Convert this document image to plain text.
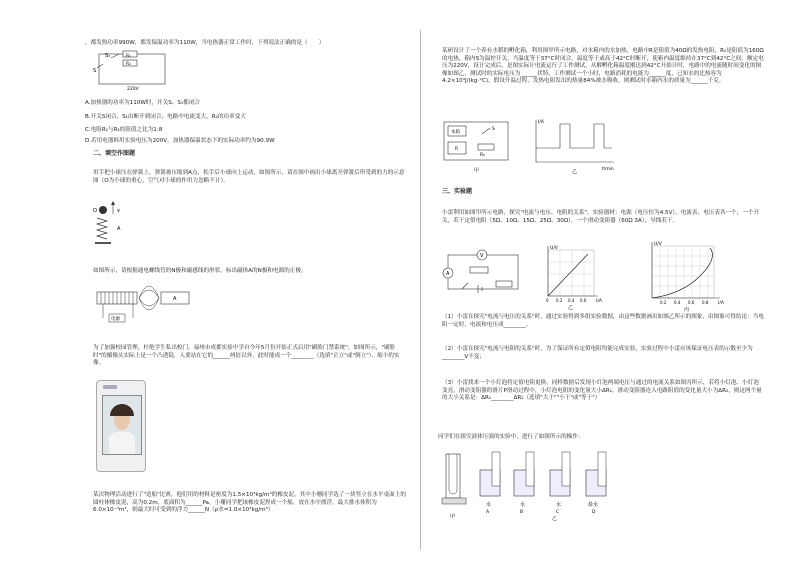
，都发热功率990W，都发保温功率为110W，当电热器正常工作时，下列说法正确的是（　　）

S₁
S
R₁
R₂
220V

A.加热器的功率为110W时，开关S、S₁都闭合

B.开关S闭合，S₁由断开到闭合，电路中电流变大，R₂的功率变大

C.电阻R₁与R₂的阻值之比为1:8

D.若用电器料用实验电压为200V，加热器保温状态下的实际功率约为90.9W

二、填空作图题

用手把小球压在弹簧上，弹簧被压缩到A点，松手后小球向上运动，如图所示，请在图中画出小球离开弹簧后所受到的力的示意图（O为小球的重心，空气对小球的作用力忽略不计）。

O	v
A

如图所示，请根据通电螺线管的N极和磁感线的形状，标出磁体A的N极和电源的正极。

A
电源

为了加强校园管理，杜绝学生私出校门，福州市成都实验中学自今年5月份开始正式启用"刷脸门禁系统"。如图所示，"刷脸时"的摄像头实际上是一个凸透镜，人要站在它的______两倍以外，此时能成一个________（选填"正立"或"倒立"）、缩小的实像。

某次物理活动进行了"造船"比赛，他们用的材料是密度为1.5×10³kg/m³的橡皮泥，其中小珊同学选了一块竖立在水平桌面上的圆柱体橡皮泥，高为0.2m，底面积为______Pa，小珊同学把该橡皮泥捏成一个船，放在水中漂浮，最大排水体积为6.0×10⁻⁴m³，则最大时可受到的浮力______N（ρ水=1.0×10³kg/m³）

某研设计了一个养有水稻的孵化箱，利用图甲所示电路，对水箱内的水加热，电路中R是阻值为40Ω的发热电阻，R₀是阻值为160Ω的电热，箱内S为温控开关，当温度等于37°C时闭合，温度等于或高于42°C时断开，使箱内温度维持在37°C到42°C之间；额定电压为220V，设计完成后，是图实际计电流运行了工作测试，从解孵化箱温度刚达到42°C开始计时，电路中的电流随时间变化的图像如图乙，测试时的实际电压为______伏特，工作测试一个小时，电路消耗的电能为______度，已知水的比热容为4.2×10³J/(kg·°C)，假设升温过程，发热电阻发出的热量84%被水吸收，则测试时水箱内水的质量为______千克。

本箱
R
S
R₀
甲
I/A
t/min
乙

三、实验题

小雷利用如图甲所示电路，探究"电流与电压、电阻的关系"，实验器材：电源（电压恒为4.5V）、电流表、电压表各一个，一个开关，若干定值电阻（5Ω、10Ω、15Ω、25Ω、30Ω），一个滑动变阻器（60Ω 3A），导线若干。

V
A
U/V
I/A
0 0.2 0.4 0.6
乙
U/V
I/A
0.2 0.4 0.6 0.8
丙

（1）小雷在探究"电流与电压的关系"时，通过实验得到多组实验数据，由这些数据画出如图乙所示的图象，由图象可得结论：当电阻一定时，电流和电压成________。

（2）小雷在探究"电流与电阻的关系"时，为了保证所有定值电阻均能完成实验，实验过程中小雷应该保证电压表的示数至少为________V不变；

（3）小雷找来一个小灯泡将定值电阻更换，同样数据后发现小灯泡两端电压与通过的电流关系如图丙所示，若将小灯泡、小灯泡变亮，滑动变阻器的滑片P滑动过程中，小灯泡电阻的变化量大小ΔR₁，滑动变阻器连入电路阻值的变化量大小为ΔR₂，则这两个量的大小关系是：ΔR₁________ΔR₂（选填"大于""小于"或"等于"）

同学们在探究液体压强的实验中，进行了如图所示的操作：

甲
水
A
水
B
水
C
盐水
D
乙
